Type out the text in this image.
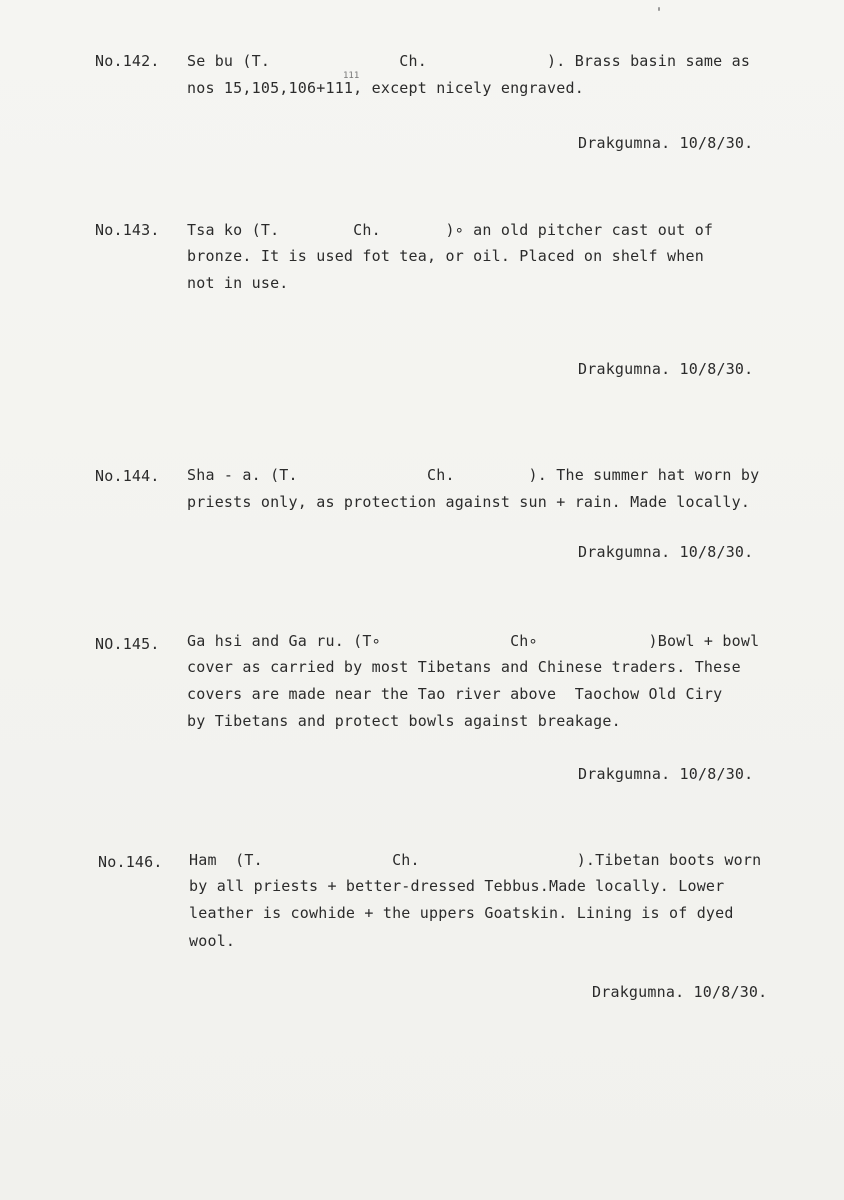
No.142.
111
Se bu (T.              Ch.             ). Brass basin same as
nos 15,105,106+111, except nicely engraved.
Drakgumna. 10/8/30.
No.143. Tsa ko (T.        Ch.       )∘ an old pitcher cast out of
bronze. It is used fot tea, or oil. Placed on shelf when
not in use.
Drakgumna. 10/8/30.
No.144. Sha - a. (T.              Ch.        ). The summer hat worn by
priests only, as protection against sun + rain. Made locally.
Drakgumna. 10/8/30.
NO.145. Ga hsi and Ga ru. (T∘              Ch∘            )Bowl + bowl
cover as carried by most Tibetans and Chinese traders. These
covers are made near the Tao river above  Taochow Old Ciry
by Tibetans and protect bowls against breakage.
Drakgumna. 10/8/30.
No.146. Ham  (T.              Ch.                 ).Tibetan boots worn
by all priests + better-dressed Tebbus.Made locally. Lower
leather is cowhide + the uppers Goatskin. Lining is of dyed
wool.
Drakgumna. 10/8/30.
